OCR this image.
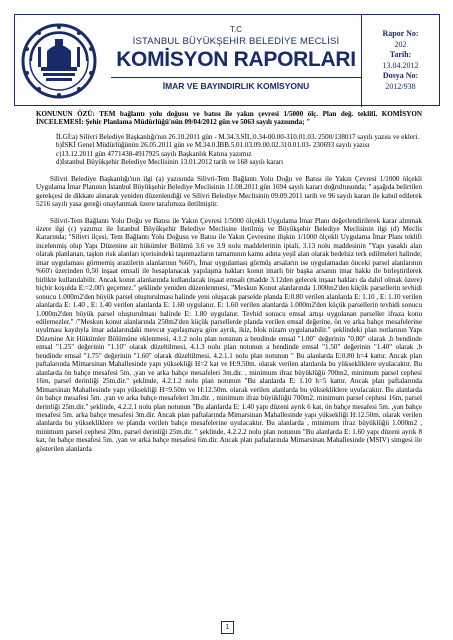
T.C
İSTANBUL BÜYÜKŞEHİR BELEDİYE MECLİSİ
KOMİSYON RAPORLARI
İMAR VE BAYINDIRLIK KOMİSYONU
Rapor No:
202
Tarih:
13.04.2012
Dosya No:
2012/938

KONUNUN ÖZÜ: TEM bağlantı yolu doğusu ve batısı ile yakın çevresi 1/5000 ölç. Plan değ. teklifi. KOMİSYON İNCELEMESİ: Şehir Planlama Müdürlüğü'nün 09/04/2012 gün ve 5063 sayılı yazısında; "

İLGİ:a) Silivri Belediye Başkanlığı'nın 26.10.2011 gün - M.34.3.SİL.0.34-00.00-310.01.03. 2500/138017 sayılı yazısı ve ekleri.

b)İSKİ Genel Müdürlüğünün 26.05.2011 gün ve M.34.0.İBB.5.01.03.09.00.02.310.01.03- 230693 sayılı yazısı

c)13.12.2011 gün 4771438-4917925 sayılı Başkanlık Katına yazımız

d)İstanbul Büyükşehir Belediye Meclisinin 13.01.2012 tarih ve 168 sayılı kararı

Silivri Belediye Başkanlığı'nın ilgi (a) yazısında Silivri-Tem Bağlantı Yolu Doğu ve Batısı ile Yakın Çevresi 1/1000 ölçekli Uygulama İmar Planının İstanbul Büyükşehir Belediye Meclisinin 11.08.2011 gün 1694 sayılı kararı doğrultusunda; " aşağıda belirtilen gerekçesi de dikkate alınarak yeniden düzenlendiği ve Silivri Belediye Meclisinin 09.09.2011 tarih ve 96 sayılı kararı ile kabul edilerek 5216 sayılı yasa gereği onaylanmak üzere tarafımıza iletilmiştir.

Silivri-Tem Bağlantı Yolu Doğu ve Batısı ile Yakın Çevresi 1/5000 ölçekli Uygulama İmar Planı değerlendirilerek karar alınmak üzere ilgi (c) yazımız ile İstanbul Büyükşehir Belediye Meclisine iletilmiş ve Büyükşehir Belediye Meclisinin ilgi (d) Meclis Kararında; "Silivri ilçesi, Tem Bağlantı Yolu Doğusu ve Batısı ile Yakın Çevresine ilişkin 1/1000 ölçekli Uygulama İmar Planı teklifi incelenmiş olup Yapı Düzenine ait hükümler Bölümü 3.6 ve 3.9 nolu maddelerinin iptali, 3.13 nolu maddesinin "Yapı yasaklı alan olarak planlanan, taşkın risk alanları içerisindeki taşınmazların tamamının kamu adına yeşil alan olarak bedelsiz terk edilmeleri halinde; imar uygulaması görmemiş arazilerin alanlarının %60'ı, İmar uygulaması görmüş arsaların ise uygulamadan önceki parsel alanlarının %60'ı üzerinden 0,50 inşaat emsali ile hesaplanacak yapılaşma hakları konut imarlı bir başka arsanın imar hakkı ile birleştirilerek birlikte kullanılabilir. Ancak konut alanlarında kullanılacak inşaat emsali (madde 3.12den gelecek inşaat hakları da dahil olmak üzere) hiçbir koşulda E:=2.00'ı geçemez." şeklinde yeniden düzenlenmesi, "Meskun Konut alanlarında 1.000m2'den küçük parsellerin tevhidi sonucu 1.000m2'den büyük parsel oluşturulması halinde yeni oluşacak parselde planda E:0.80 verilen alanlarda E: 1.10 , E: 1.10 verilen alanlarda E: 1.40 , E: 1.40 verilen alanlarda E: 1.60 uygulanır. E: 1.60 verilen alanlarda 1.000m2'den küçük parsellerin tevhidi sonucu 1.000m2'den büyük parsel oluşturulması halinde E: 1.80 uygulanır. Tevhid sonucu emsal artışı uygulanan parseller ifraza konu edilemezler." /"Meskun konut alanlarında 250m2'den küçük parsellerde planda verilen emsal değerine, ön ve arka bahçe mesafelerine uyulması kaydıyla imar adalarındaki mevcut yapılaşmaya göre ayrık, ikiz, blok nizam uygulanabilir." şeklindeki plan notlarının Yapı Düzenine Ait Hükümler Bölümüne eklenmesi, 4.1.2 nolu plan notunun a bendinde emsal "1.00" değerinin "0.80" olarak ,b bendinde emsal "1.25" değerinin "1.10" olarak düzeltilmesi, 4.1.3 nolu plan notunun a bendinde emsal "1.50" değerinin "1.40" olarak ,b bendinde emsal "1.75" değerinin "1.60" olarak düzeltilmesi, 4.2.1.1 nolu plan notunun " Bu alanlarda E:0.80 h=4 kattır. Ancak plan paftalarında Mimarsinan Mahallesinde yapı yüksekliği H=2 kat ve H:9.50m. olarak verilen alanlarda bu yüksekliklere uyulacaktır. Bu alanlarda ön bahçe mesafesi 5m. ,yan ve arka bahçe mesafeleri 3m.dir. , minimum ifraz büyüklüğü 700m2, minimum parsel cephesi 16m, parsel derinliği 25m.dir." şeklinde, 4.2.1.2 nolu plan notunun "Bu alanlarda E: 1.10 h=5 kattır. Ancak plan paftalarında Mimarsinan Mahallesinde yapı yüksekliği H=9.50m ve H:12.50m. olarak verilen alanlarda bu yüksekliklere uyulacaktır. Bu alanlarda ön bahçe mesafesi 5m. ,yan ve arka bahçe mesafeleri 3m.dir. , minimum ifraz büyüklüğü 700m2, minimum parsel cephesi 16m, parsel derinliği 25m.dir." şeklinde, 4.2.2.1 nolu plan notunun "Bu alanlarda E: 1.40 yapı düzeni ayrık 6 kat, ön bahçe mesafesi 5m. ,yan bahçe mesafesi 5m. arka bahçe mesafesi 3m.dir. Ancak plan paftalarında Mimarsinan Mahallesinde yapı yüksekliği H:12.50m. olarak verilen alanlarda bu yüksekliklere ve planda verilen bahçe mesafelerine uyulacaktır. Bu alanlarda , minimum ifraz büyüklüğü 1.000m2 , minimum parsel cephesi 20m, parsel derinliği 25m.dir. " şeklinde, 4.2.2.2 nolu plan notunun "Bu alanlarda E: 1.60 yapı düzeni ayrık 8 kat, ön bahçe mesafesi 5m. ,yan ve arka bahçe mesafesi 6m.dir. Ancak plan paftalarında Mimarsinan Mahallesinde (MSIV) simgesi ile gösterilen alanlarda

1
